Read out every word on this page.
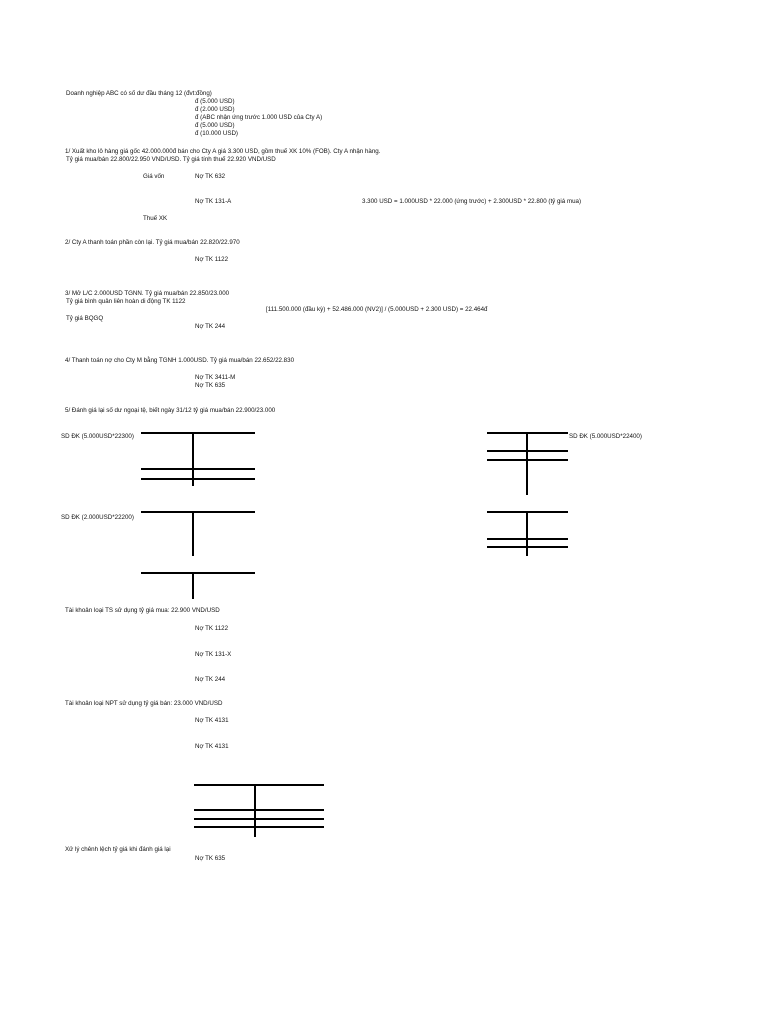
Doanh nghiệp ABC có số dư đầu tháng 12 (đvt:đồng)
đ (5.000 USD)
đ (2.000 USD)
đ (ABC nhận ứng trước 1.000 USD của Cty A)
đ (5.000 USD)
đ (10.000 USD)
1/ Xuất kho lô hàng giá gốc 42.000.000đ bán cho Cty A giá 3.300 USD, gồm thuế XK 10% (FOB). Cty A nhận hàng.
Tỷ giá mua/bán 22.800/22.950 VND/USD. Tỷ giá tính thuế 22.920 VND/USD
Giá vốn	Nợ TK 632
Nợ TK 131-A	3.300 USD = 1.000USD * 22.000 (ứng trước) + 2.300USD * 22.800 (tỷ giá mua)
Thuế XK
2/ Cty A thanh toán phần còn lại. Tỷ giá mua/bán 22.820/22.970
Nợ TK 1122
3/ Mở L/C 2.000USD TGNN. Tỷ giá mua/bán 22.850/23.000
Tỷ giá bình quân liên hoàn di động TK 1122
[111.500.000 (đầu kỳ) + 52.486.000 (NV2)] / (5.000USD + 2.300 USD) = 22.464đ
Tỷ giá BQGQ
Nợ TK 244
4/ Thanh toán nợ cho Cty M bằng TGNH 1.000USD. Tỷ giá mua/bán 22.652/22.830
Nợ TK 3411-M
Nợ TK 635
5/ Đánh giá lại số dư ngoại tệ, biết ngày 31/12 tỷ giá mua/bán 22.900/23.000
SD ĐK (5.000USD*22300)	SD ĐK (5.000USD*22400)
SD ĐK (2.000USD*22200)
Tài khoản loại TS sử dụng tỷ giá mua: 22.900 VND/USD
Nợ TK 1122
Nợ TK 131-X
Nợ TK 244
Tài khoản loại NPT sử dụng tỷ giá bán: 23.000 VND/USD
Nợ TK 4131
Nợ TK 4131
Xử lý chênh lệch tỷ giá khi đánh giá lại
Nợ TK 635
